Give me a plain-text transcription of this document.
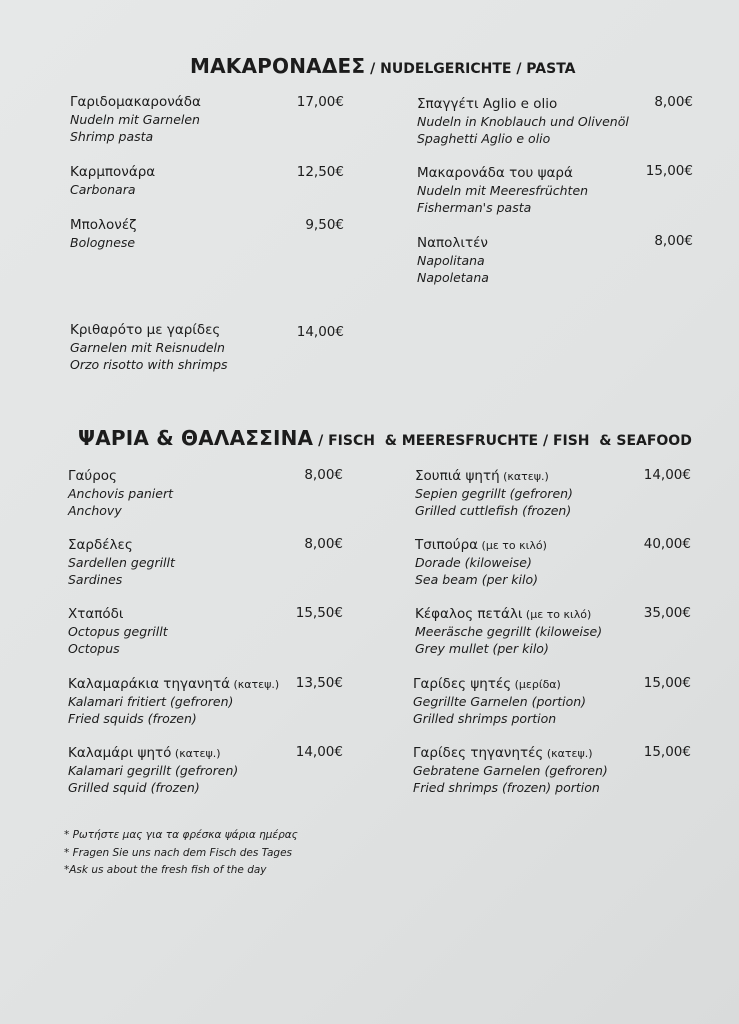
ΜΑΚΑΡΟΝΑΔΕΣ / NUDELGERICHTE / PASTA
Γαριδομακαρονάδα
Nudeln mit Garnelen
Shrimp pasta
17,00€
Καρμπονάρα
Carbonara
12,50€
Μπολονέζ
Bolognese
9,50€
Κριθαρότο με γαρίδες
Garnelen mit Reisnudeln
Orzo risotto with shrimps
14,00€
Σπαγγέτι Aglio e olio
Nudeln in Knoblauch und Olivenöl
Spaghetti Aglio e olio
8,00€
Μακαρονάδα του ψαρά
Nudeln mit Meeresfrüchten
Fisherman's pasta
15,00€
Ναπολιτέν
Napolitana
Napoletana
8,00€
ΨΑΡΙΑ & ΘΑΛΑΣΣΙΝΑ / FISCH  & MEERESFRUCHTE / FISH  & SEAFOOD
Γαύρος
Anchovis paniert
Anchovy
8,00€
Σαρδέλες
Sardellen gegrillt
Sardines
8,00€
Χταπόδι
Octopus gegrillt
Octopus
15,50€
Καλαμαράκια τηγανητά (κατεψ.)
Kalamari fritiert (gefroren)
Fried squids (frozen)
13,50€
Καλαμάρι ψητό (κατεψ.)
Kalamari gegrillt (gefroren)
Grilled squid (frozen)
14,00€
Σουπιά ψητή (κατεψ.)
Sepien gegrillt (gefroren)
Grilled cuttlefish (frozen)
14,00€
Τσιπούρα (με το κιλό)
Dorade (kiloweise)
Sea beam (per kilo)
40,00€
Κέφαλος πετάλι (με το κιλό)
Meeräsche gegrillt (kiloweise)
Grey mullet (per kilo)
35,00€
Γαρίδες ψητές (μερίδα)
Gegrillte Garnelen (portion)
Grilled shrimps portion
15,00€
Γαρίδες τηγανητές (κατεψ.)
Gebratene Garnelen (gefroren)
Fried shrimps (frozen) portion
15,00€
* Ρωτήστε μας για τα φρέσκα ψάρια ημέρας
* Fragen Sie uns nach dem Fisch des Tages
*Ask us about the fresh fish of the day
